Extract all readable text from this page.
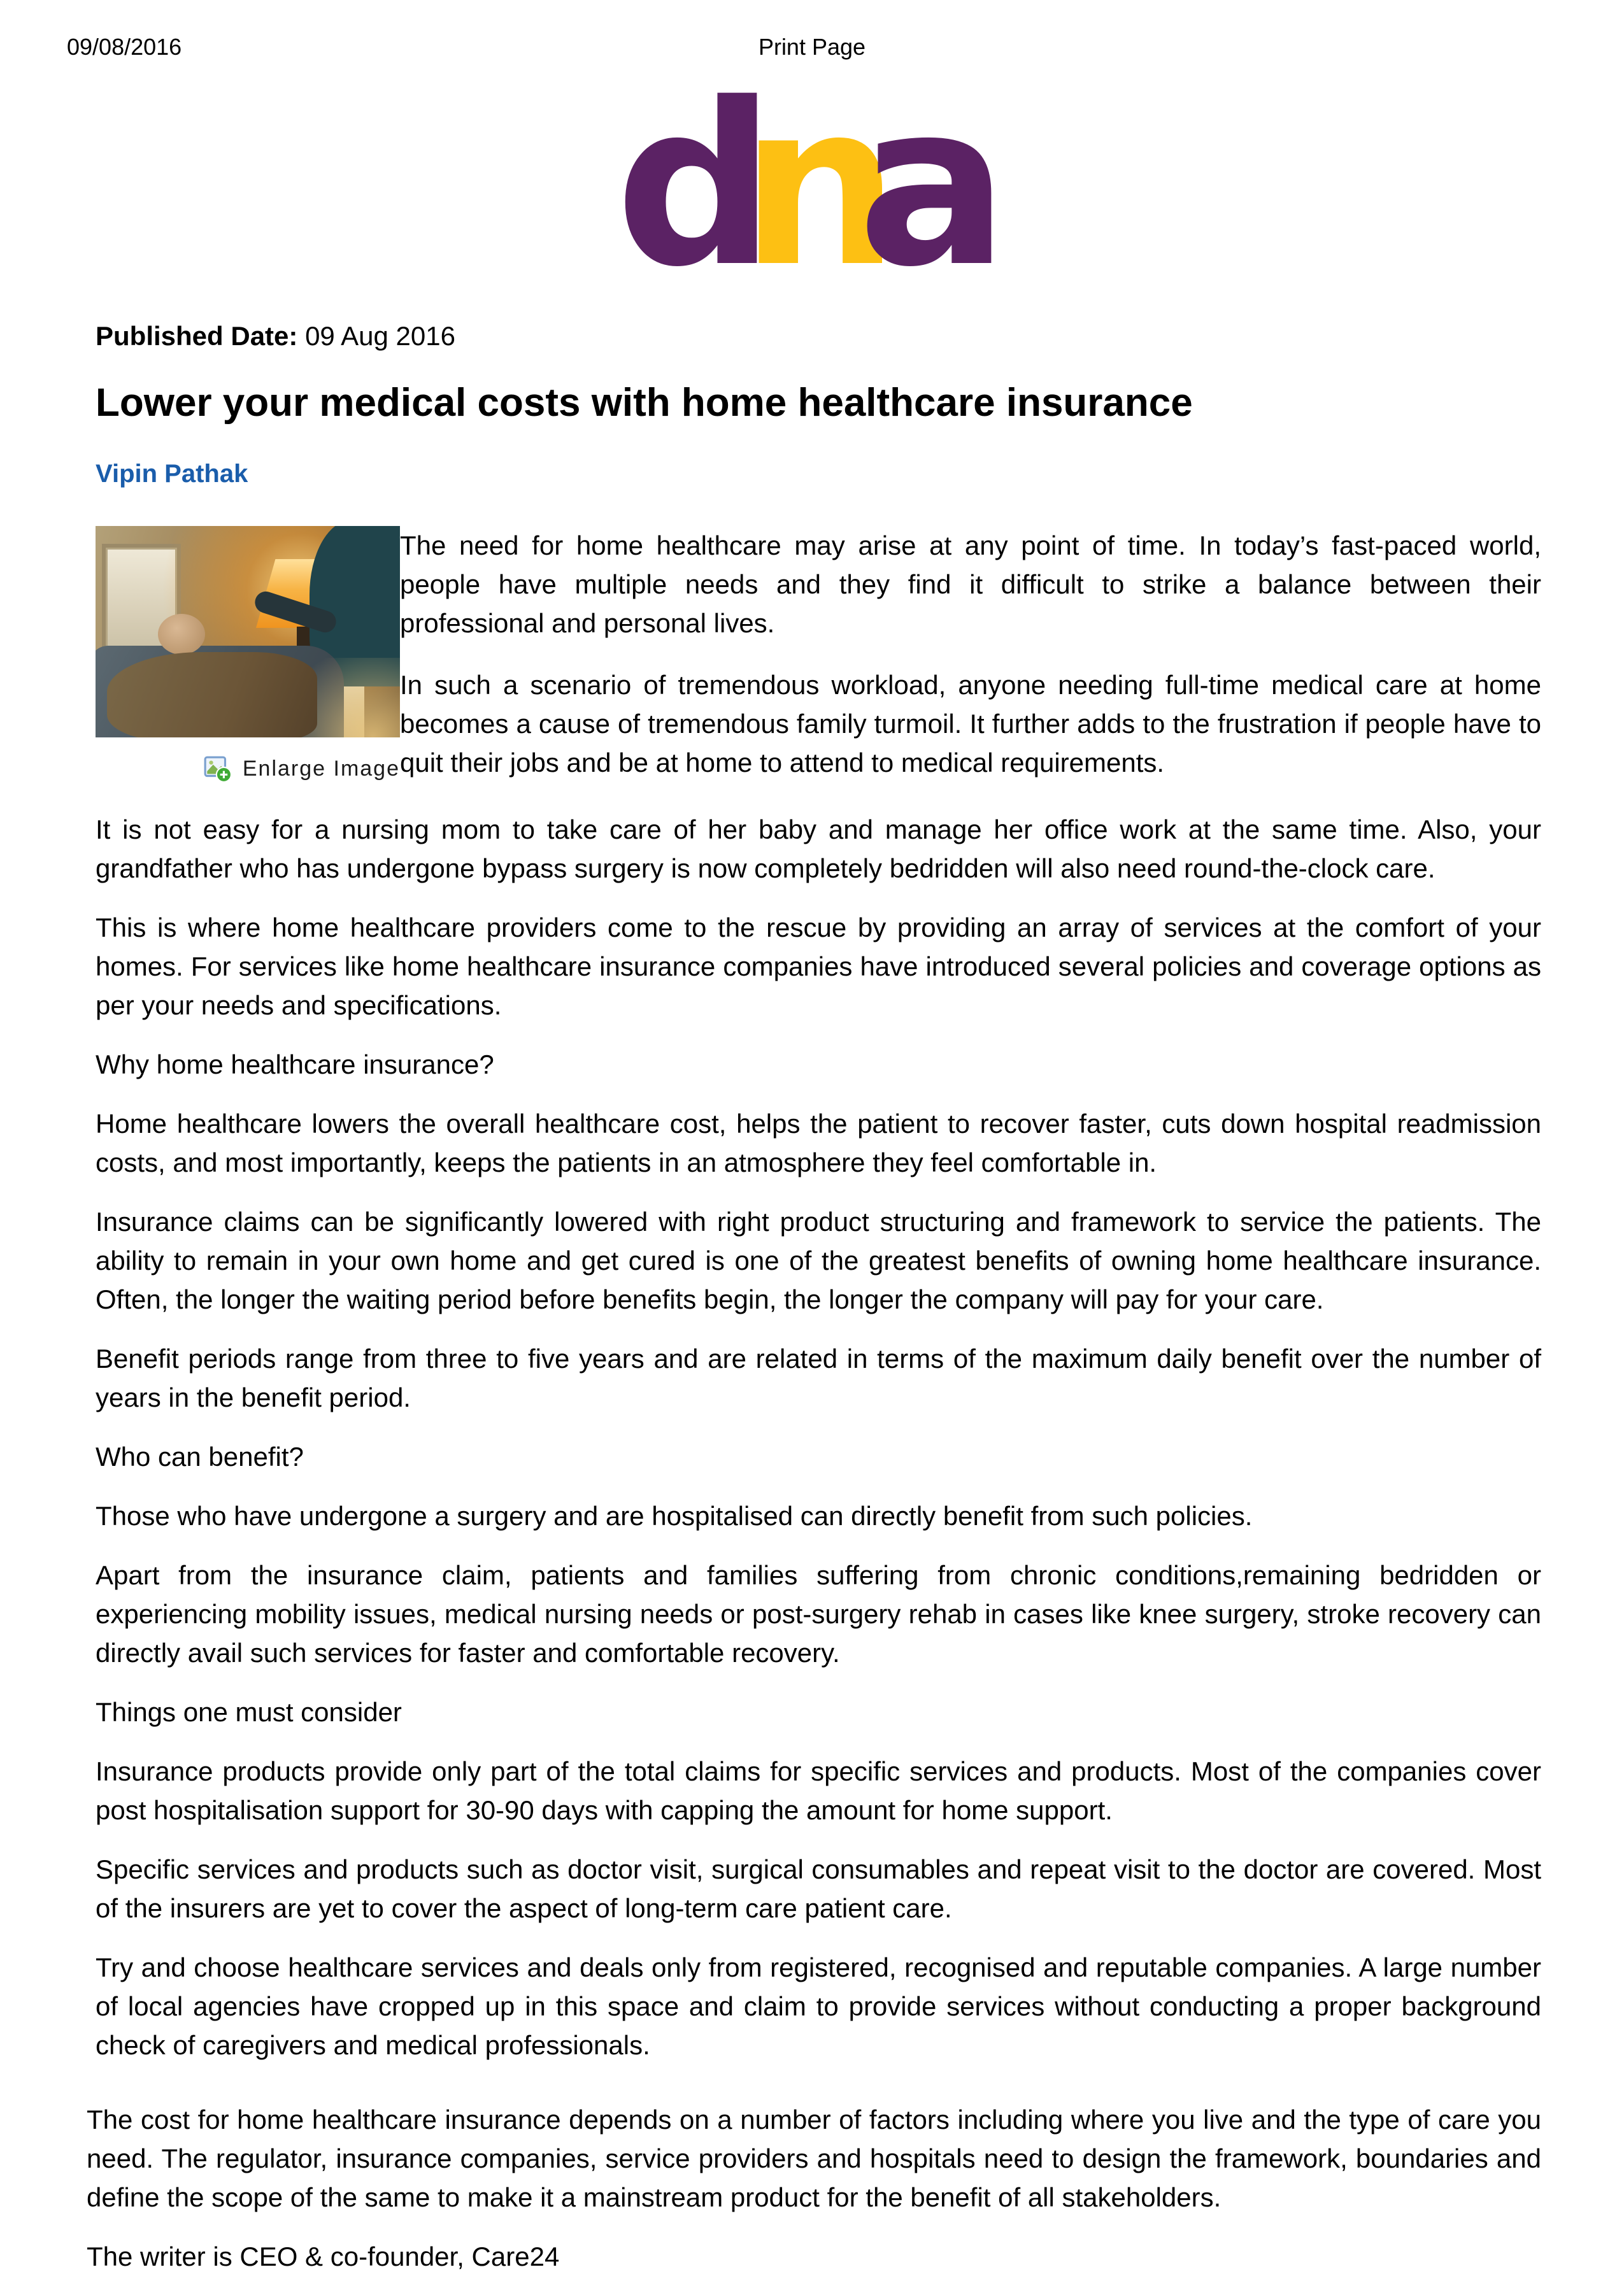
09/08/2016	Print Page
dna

Published Date: 09 Aug 2016

Lower your medical costs with home healthcare insurance
Vipin Pathak
Enlarge Image

The need for home healthcare may arise at any point of time. In today’s fast-paced world, people have multiple needs and they find it difficult to strike a balance between their professional and personal lives.

In such a scenario of tremendous workload, anyone needing full-time medical care at home becomes a cause of tremendous family turmoil. It further adds to the frustration if people have to quit their jobs and be at home to attend to medical requirements.

It is not easy for a nursing mom to take care of her baby and manage her office work at the same time. Also, your grandfather who has undergone bypass surgery is now completely bedridden will also need round-the-clock care.

This is where home healthcare providers come to the rescue by providing an array of services at the comfort of your homes. For services like home healthcare insurance companies have introduced several policies and coverage options as per your needs and specifications.

Why home healthcare insurance?

Home healthcare lowers the overall healthcare cost, helps the patient to recover faster, cuts down hospital readmission costs, and most importantly, keeps the patients in an atmosphere they feel comfortable in.

Insurance claims can be significantly lowered with right product structuring and framework to service the patients. The ability to remain in your own home and get cured is one of the greatest benefits of owning home healthcare insurance. Often, the longer the waiting period before benefits begin, the longer the company will pay for your care.

Benefit periods range from three to five years and are related in terms of the maximum daily benefit over the number of years in the benefit period.

Who can benefit?

Those who have undergone a surgery and are hospitalised can directly benefit from such policies.

Apart from the insurance claim, patients and families suffering from chronic conditions,remaining bedridden or experiencing mobility issues, medical nursing needs or post-surgery rehab in cases like knee surgery, stroke recovery can directly avail such services for faster and comfortable recovery.

Things one must consider

Insurance products provide only part of the total claims for specific services and products. Most of the companies cover post hospitalisation support for 30-90 days with capping the amount for home support.

Specific services and products such as doctor visit, surgical consumables and repeat visit to the doctor are covered. Most of the insurers are yet to cover the aspect of long-term care patient care.

Try and choose healthcare services and deals only from registered, recognised and reputable companies. A large number of local agencies have cropped up in this space and claim to provide services without conducting a proper background check of caregivers and medical professionals.

The cost for home healthcare insurance depends on a number of factors including where you live and the type of care you need. The regulator, insurance companies, service providers and hospitals need to design the framework, boundaries and define the scope of the same to make it a mainstream product for the benefit of all stakeholders.

The writer is CEO & co-founder, Care24
